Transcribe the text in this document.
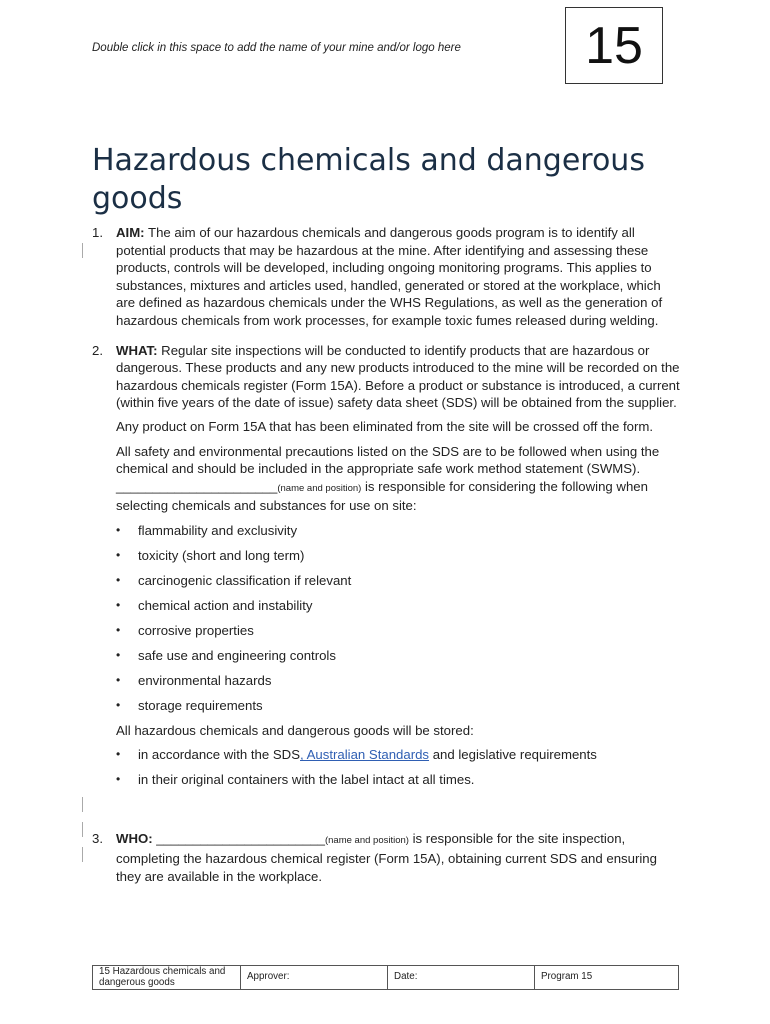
Double click in this space to add the name of your mine and/or logo here 15
Hazardous chemicals and dangerous goods
1. AIM: The aim of our hazardous chemicals and dangerous goods program is to identify all potential products that may be hazardous at the mine. After identifying and assessing these products, controls will be developed, including ongoing monitoring programs. This applies to substances, mixtures and articles used, handled, generated or stored at the workplace, which are defined as hazardous chemicals under the WHS Regulations, as well as the generation of hazardous chemicals from work processes, for example toxic fumes released during welding.

2. WHAT: Regular site inspections will be conducted to identify products that are hazardous or dangerous. These products and any new products introduced to the mine will be recorded on the hazardous chemicals register (Form 15A). Before a product or substance is introduced, a current (within five years of the date of issue) safety data sheet (SDS) will be obtained from the supplier.

Any product on Form 15A that has been eliminated from the site will be crossed off the form.

All safety and environmental precautions listed on the SDS are to be followed when using the chemical and should be included in the appropriate safe work method statement (SWMS). ______________________(name and position) is responsible for considering the following when selecting chemicals and substances for use on site:

•	flammability and exclusivity
•	toxicity (short and long term)
•	carcinogenic classification if relevant
•	chemical action and instability
•	corrosive properties
•	safe use and engineering controls
•	environmental hazards
•	storage requirements

All hazardous chemicals and dangerous goods will be stored:

•	in accordance with the SDS, Australian Standards and legislative requirements
•	in their original containers with the label intact at all times.
3. WHO: _______________________(name and position) is responsible for the site inspection, completing the hazardous chemical register (Form 15A), obtaining current SDS and ensuring they are available in the workplace.

15 Hazardous chemicals and dangerous goods	Approver:	Date:	Program 15
